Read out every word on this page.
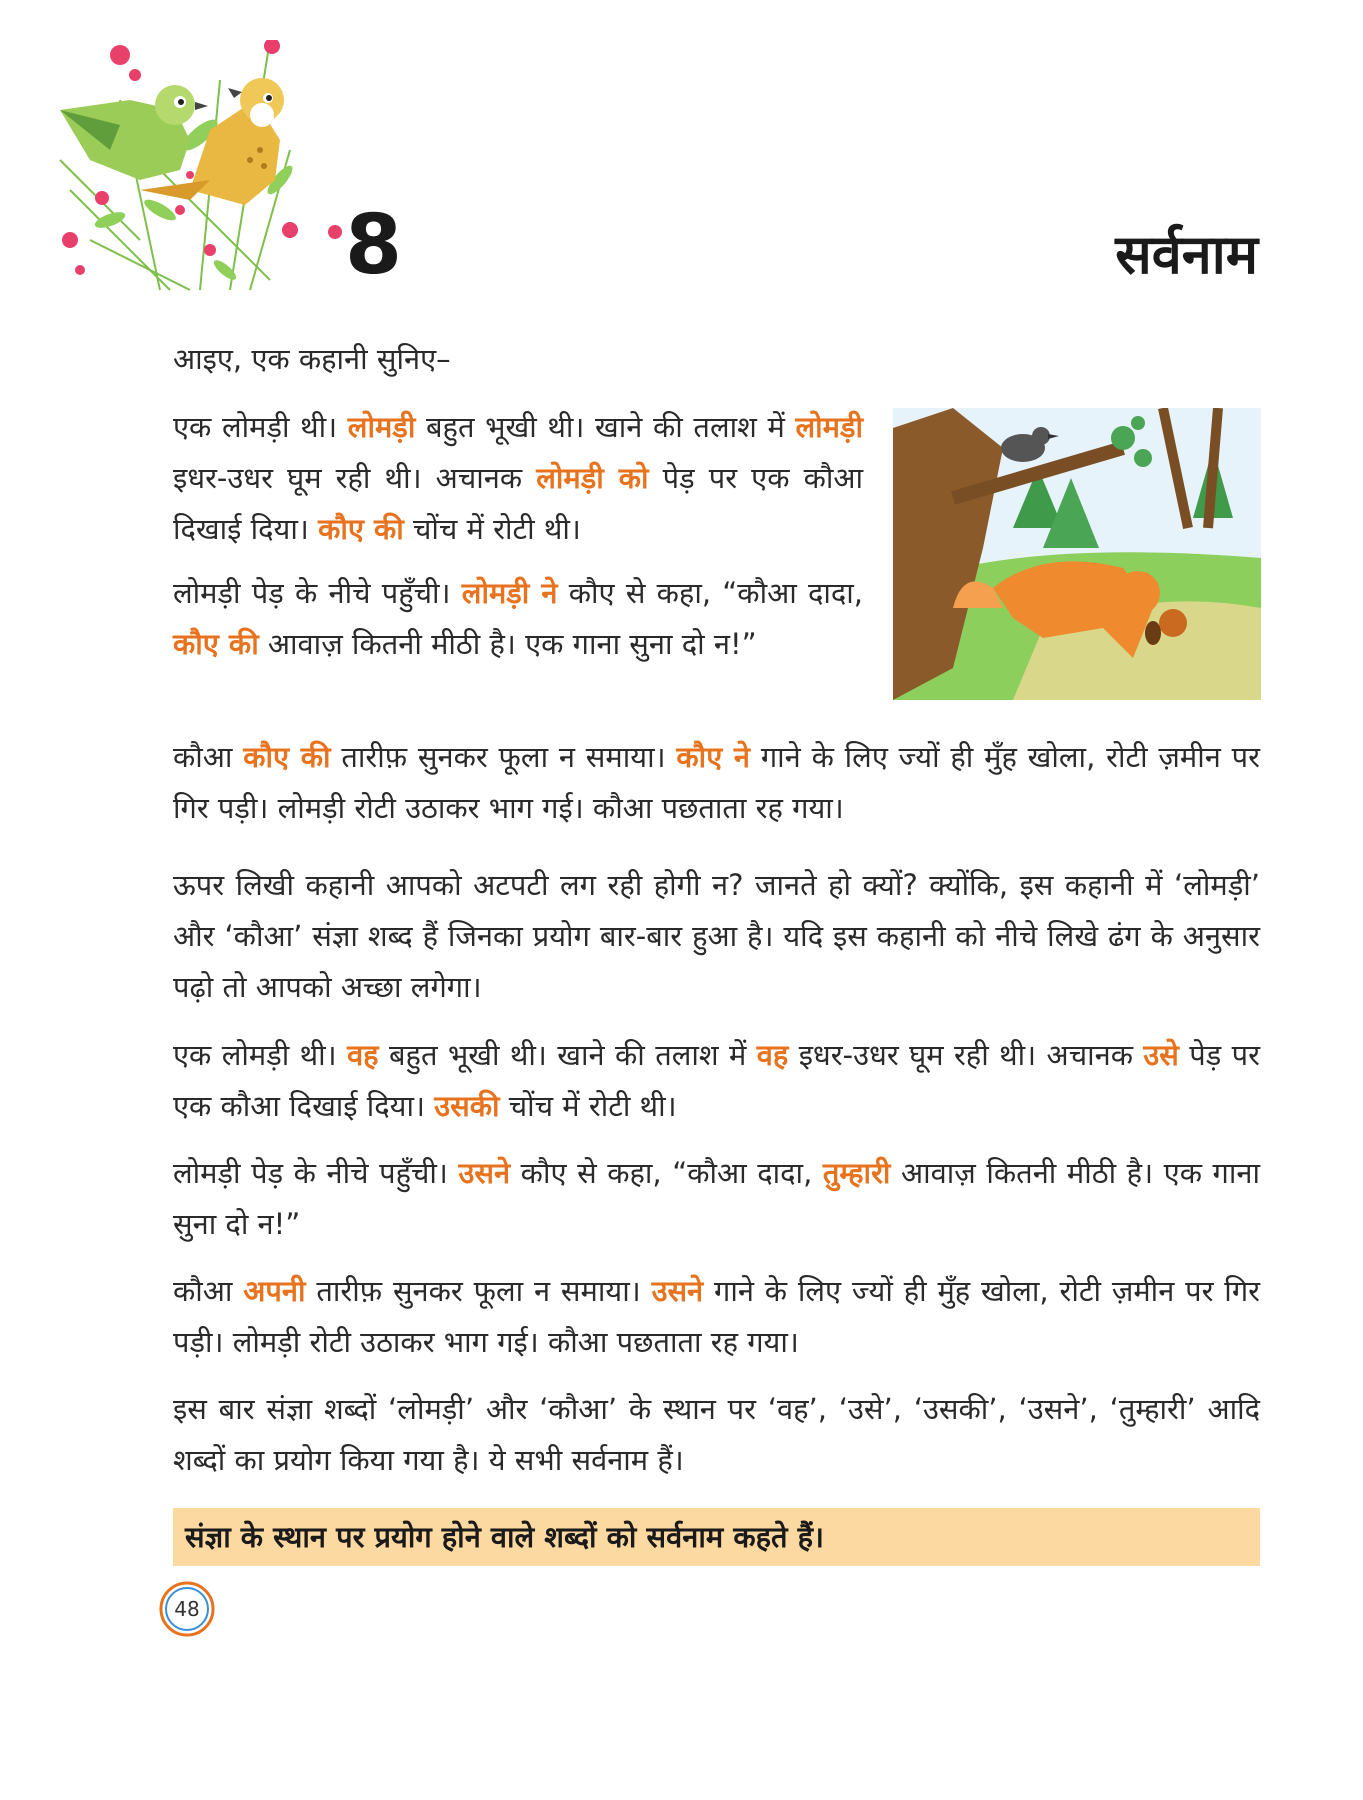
8	सर्वनाम
आइए, एक कहानी सुनिए–
एक लोमड़ी थी। लोमड़ी बहुत भूखी थी। खाने की तलाश में लोमड़ी इधर-उधर घूम रही थी। अचानक लोमड़ी को पेड़ पर एक कौआ दिखाई दिया। कौए की चोंच में रोटी थी।
लोमड़ी पेड़ के नीचे पहुँची। लोमड़ी ने कौए से कहा, “कौआ दादा, कौए की आवाज़ कितनी मीठी है। एक गाना सुना दो न!”
कौआ कौए की तारीफ़ सुनकर फूला न समाया। कौए ने गाने के लिए ज्यों ही मुँह खोला, रोटी ज़मीन पर गिर पड़ी। लोमड़ी रोटी उठाकर भाग गई। कौआ पछताता रह गया।
ऊपर लिखी कहानी आपको अटपटी लग रही होगी न? जानते हो क्यों? क्योंकि, इस कहानी में ‘लोमड़ी’ और ‘कौआ’ संज्ञा शब्द हैं जिनका प्रयोग बार-बार हुआ है। यदि इस कहानी को नीचे लिखे ढंग के अनुसार पढ़ो तो आपको अच्छा लगेगा।
एक लोमड़ी थी। वह बहुत भूखी थी। खाने की तलाश में वह इधर-उधर घूम रही थी। अचानक उसे पेड़ पर एक कौआ दिखाई दिया। उसकी चोंच में रोटी थी।
लोमड़ी पेड़ के नीचे पहुँची। उसने कौए से कहा, “कौआ दादा, तुम्हारी आवाज़ कितनी मीठी है। एक गाना सुना दो न!”
कौआ अपनी तारीफ़ सुनकर फूला न समाया। उसने गाने के लिए ज्यों ही मुँह खोला, रोटी ज़मीन पर गिर पड़ी। लोमड़ी रोटी उठाकर भाग गई। कौआ पछताता रह गया।
इस बार संज्ञा शब्दों ‘लोमड़ी’ और ‘कौआ’ के स्थान पर ‘वह’, ‘उसे’, ‘उसकी’, ‘उसने’, ‘तुम्हारी’ आदि शब्दों का प्रयोग किया गया है। ये सभी सर्वनाम हैं।
संज्ञा के स्थान पर प्रयोग होने वाले शब्दों को सर्वनाम कहते हैं।
48
